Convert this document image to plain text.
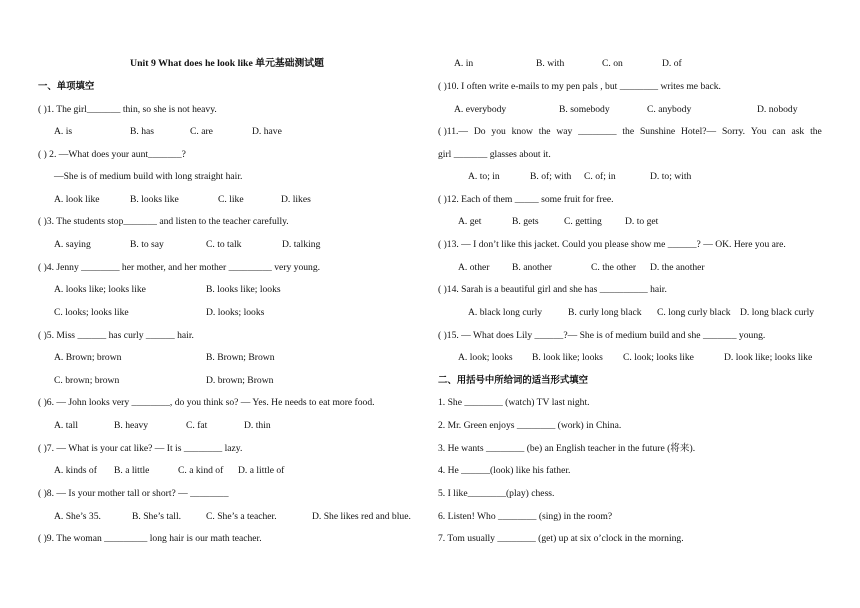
Unit 9 What does he look like 单元基础测试题
一、单项填空
( )1. The girl_______ thin, so she is not heavy.
A. is	B. has	C. are	D. have
( ) 2. —What does your aunt_______?
—She is of medium build with long straight hair.
A. look like	B. looks like	C. like	D. likes
( )3. The students stop_______ and listen to the teacher carefully.
A. saying	B. to say	C. to talk	D. talking
( )4. Jenny ________ her mother, and her mother _________ very young.
A. looks like; looks like	B. looks like; looks
C. looks; looks like	D. looks; looks
( )5. Miss ______ has curly ______ hair.
A. Brown; brown	B. Brown; Brown
C. brown; brown	D. brown; Brown
( )6. — John looks very ________, do you think so? — Yes. He needs to eat more food.
A. tall	B. heavy	C. fat	D. thin
( )7. — What is your cat like? — It is ________ lazy.
A. kinds of B. a little	C. a kind of D. a little of
( )8. — Is your mother tall or short? — ________
A. She’s 35.	B. She’s tall.	C. She’s a teacher.	D. She likes red and blue.
( )9. The woman _________ long hair is our math teacher.
A. in	B. with	C. on	D. of
( )10. I often write e-mails to my pen pals , but ________ writes me back.
A. everybody	B. somebody	C. anybody	D. nobody
( )11.— Do you know the way ________ the Sunshine Hotel?— Sorry. You can ask the
girl _______ glasses about it.
A. to; in	B. of; with C. of; in	D. to; with
( )12. Each of them _____ some fruit for free.
A. get	B. gets	C. getting D. to get
( )13. — I don’t like this jacket. Could you please show me ______? — OK. Here you are.
A. other B. another	C. the other D. the another
( )14. Sarah is a beautiful girl and she has __________ hair.
A. black long curly	B. curly long black C. long curly black D. long black curly
( )15. — What does Lily ______?— She is of medium build and she _______ young.
A. look; looks B. look like; looks C. look; looks like	D. look like; looks like
二、用括号中所给词的适当形式填空
1. She ________ (watch) TV last night.
2. Mr. Green enjoys ________ (work) in China.
3. He wants ________ (be) an English teacher in the future (将来).
4. He ______(look) like his father.
5. I like________(play) chess.
6. Listen! Who ________ (sing) in the room?
7. Tom usually ________ (get) up at six o’clock in the morning.
